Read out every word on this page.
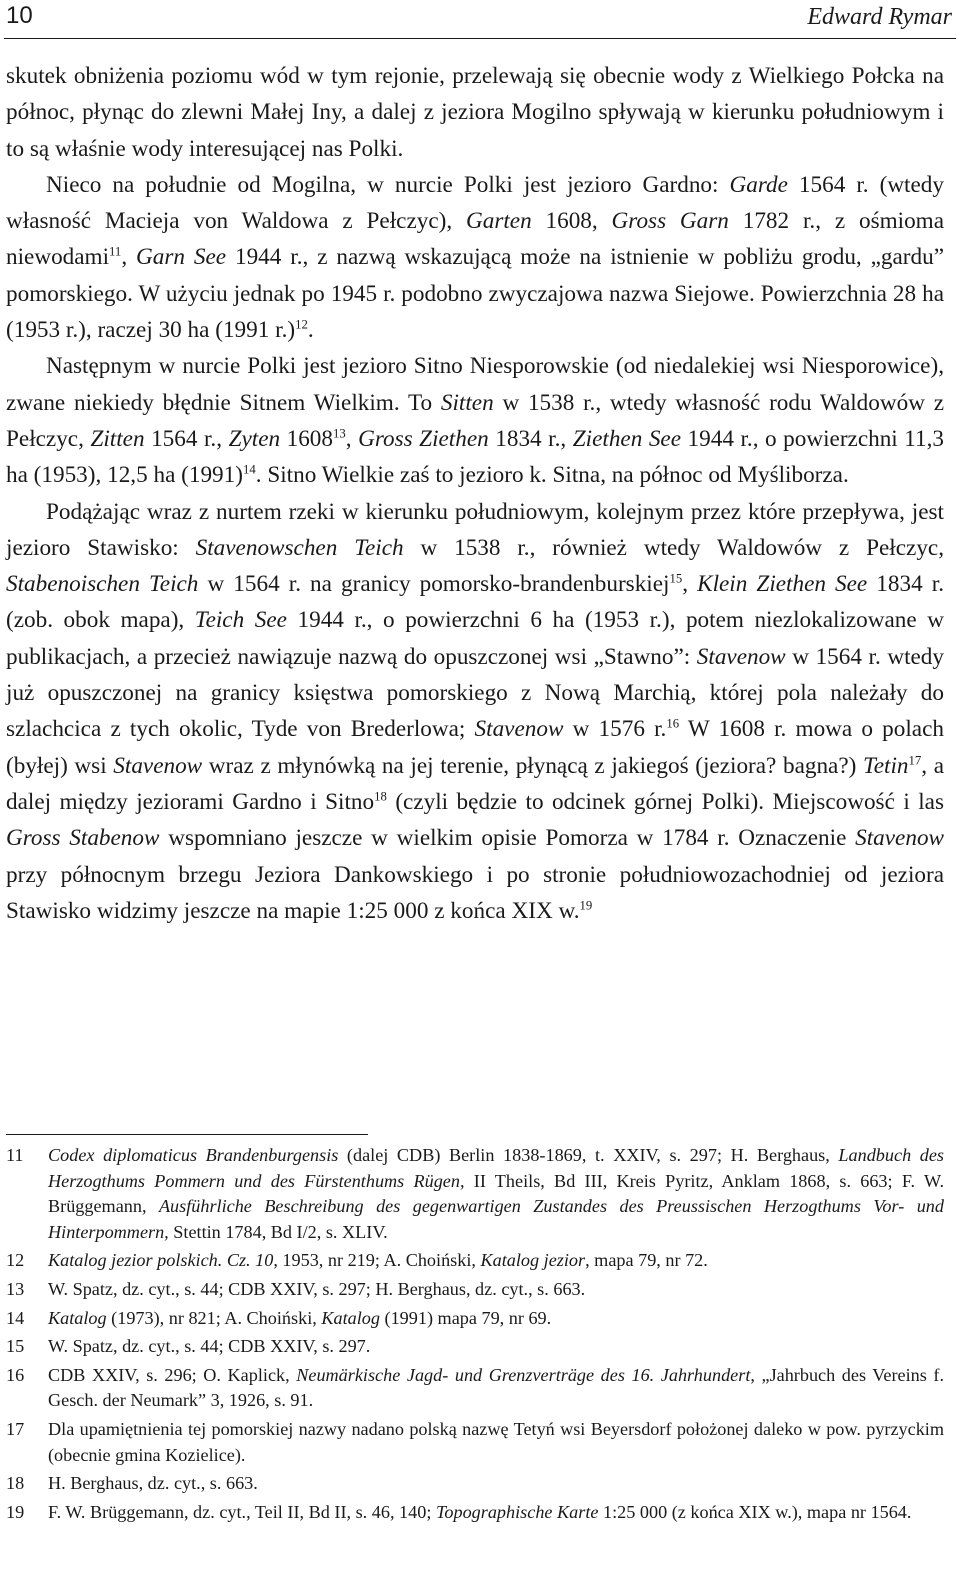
10	Edward Rymar

skutek obniżenia poziomu wód w tym rejonie, przelewają się obecnie wody z Wielkiego Połcka na północ, płynąc do zlewni Małej Iny, a dalej z jeziora Mogilno spływają w kierunku południowym i to są właśnie wody interesującej nas Polki.

Nieco na południe od Mogilna, w nurcie Polki jest jezioro Gardno: Garde 1564 r. (wtedy własność Macieja von Waldowa z Pełczyc), Garten 1608, Gross Garn 1782 r., z ośmioma niewodami$^{11}$, Garn See 1944 r., z nazwą wskazującą może na istnienie w pobliżu grodu, „gardu” pomorskiego. W użyciu jednak po 1945 r. podobno zwyczajowa nazwa Siejowe. Powierzchnia 28 ha (1953 r.), raczej 30 ha (1991 r.)$^{12}$.

Następnym w nurcie Polki jest jezioro Sitno Niesporowskie (od niedalekiej wsi Niesporowice), zwane niekiedy błędnie Sitnem Wielkim. To Sitten w 1538 r., wtedy własność rodu Waldowów z Pełczyc, Zitten 1564 r., Zyten 1608$^{13}$, Gross Ziethen 1834 r., Ziethen See 1944 r., o powierzchni 11,3 ha (1953), 12,5 ha $(1991)^{14}$. Sitno Wielkie zaś to jezioro k. Sitna, na północ od Myśliborza.

Podążając wraz z nurtem rzeki w kierunku południowym, kolejnym przez które przepływa, jest jezioro Stawisko: Stavenowschen Teich w 1538 r., również wtedy Waldowów z Pełczyc, Stabenoischen Teich w 1564 r. na granicy pomorsko-brandenburskiej$^{15}$, Klein Ziethen See 1834 r. (zob. obok mapa), Teich See 1944 r., o powierzchni 6 ha (1953 r.), potem niezlokalizowane w publikacjach, a przecież nawiązuje nazwą do opuszczonej wsi „Stawno”: Stavenow w 1564 r. wtedy już opuszczonej na granicy księstwa pomorskiego z Nową Marchią, której pola należały do szlachcica z tych okolic, Tyde von Brederlowa; Stavenow w 1576 r.$^{16}$ W 1608 r. mowa o polach (byłej) wsi Stavenow wraz z młynówką na jej terenie, płynącą z jakiegoś (jeziora? bagna?) Tetin$^{17}$, a dalej między jeziorami Gardno i Sitno$^{18}$ (czyli będzie to odcinek górnej Polki). Miejscowość i las Gross Stabenow wspomniano jeszcze w wielkim opisie Pomorza w 1784 r. Oznaczenie Stavenow przy północnym brzegu Jeziora Dankowskiego i po stronie południowozachodniej od jeziora Stawisko widzimy jeszcze na mapie 1:25 000 z końca XIX w.$^{19}$

11	Codex diplomaticus Brandenburgensis (dalej CDB) Berlin 1838-1869, t. XXIV, s. 297; H. Berghaus, Landbuch des Herzogthums Pommern und des Fürstenthums Rügen, II Theils, Bd III, Kreis Pyritz, Anklam 1868, s. 663; F. W. Brüggemann, Ausführliche Beschreibung des gegenwartigen Zustandes des Preussischen Herzogthums Vor- und Hinterpommern, Stettin 1784, Bd I/2, s. XLIV.
12	Katalog jezior polskich. Cz. 10, 1953, nr 219; A. Choiński, Katalog jezior, mapa 79, nr 72.
13	W. Spatz, dz. cyt., s. 44; CDB XXIV, s. 297; H. Berghaus, dz. cyt., s. 663.
14	Katalog (1973), nr 821; A. Choiński, Katalog (1991) mapa 79, nr 69.
15	W. Spatz, dz. cyt., s. 44; CDB XXIV, s. 297.
16	CDB XXIV, s. 296; O. Kaplick, Neumärkische Jagd- und Grenzverträge des 16. Jahrhundert, „Jahrbuch des Vereins f. Gesch. der Neumark” 3, 1926, s. 91.
17	Dla upamiętnienia tej pomorskiej nazwy nadano polską nazwę Tetyń wsi Beyersdorf położonej daleko w pow. pyrzyckim (obecnie gmina Kozielice).
18	H. Berghaus, dz. cyt., s. 663.
19	F. W. Brüggemann, dz. cyt., Teil II, Bd II, s. 46, 140; Topographische Karte 1:25 000 (z końca XIX w.), mapa nr 1564.
